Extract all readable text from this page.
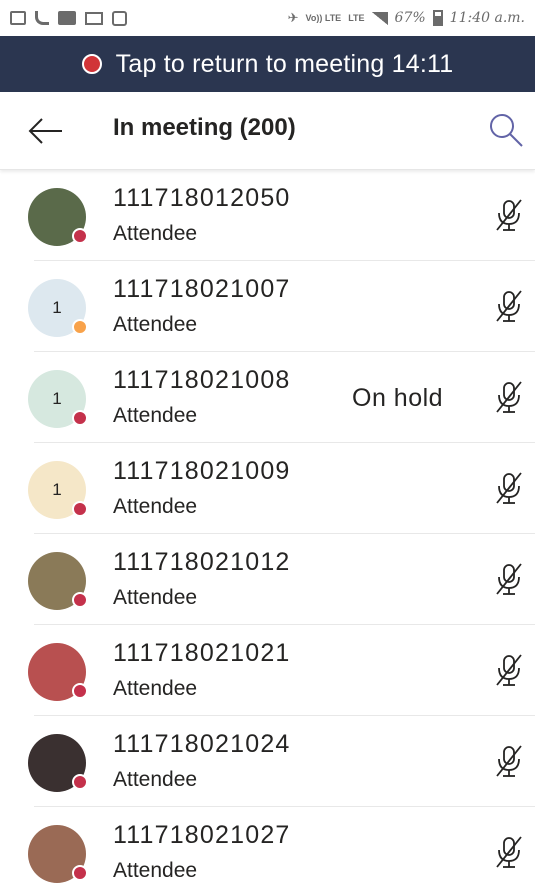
✈ Vo)) LTE LTE 67% 11:40 a.m.
Tap to return to meeting 14:11
In meeting (200)
111718012050
Attendee
1
111718021007
Attendee
1
111718021008
Attendee
On hold
1
111718021009
Attendee
111718021012
Attendee
111718021021
Attendee
111718021024
Attendee
111718021027
Attendee
